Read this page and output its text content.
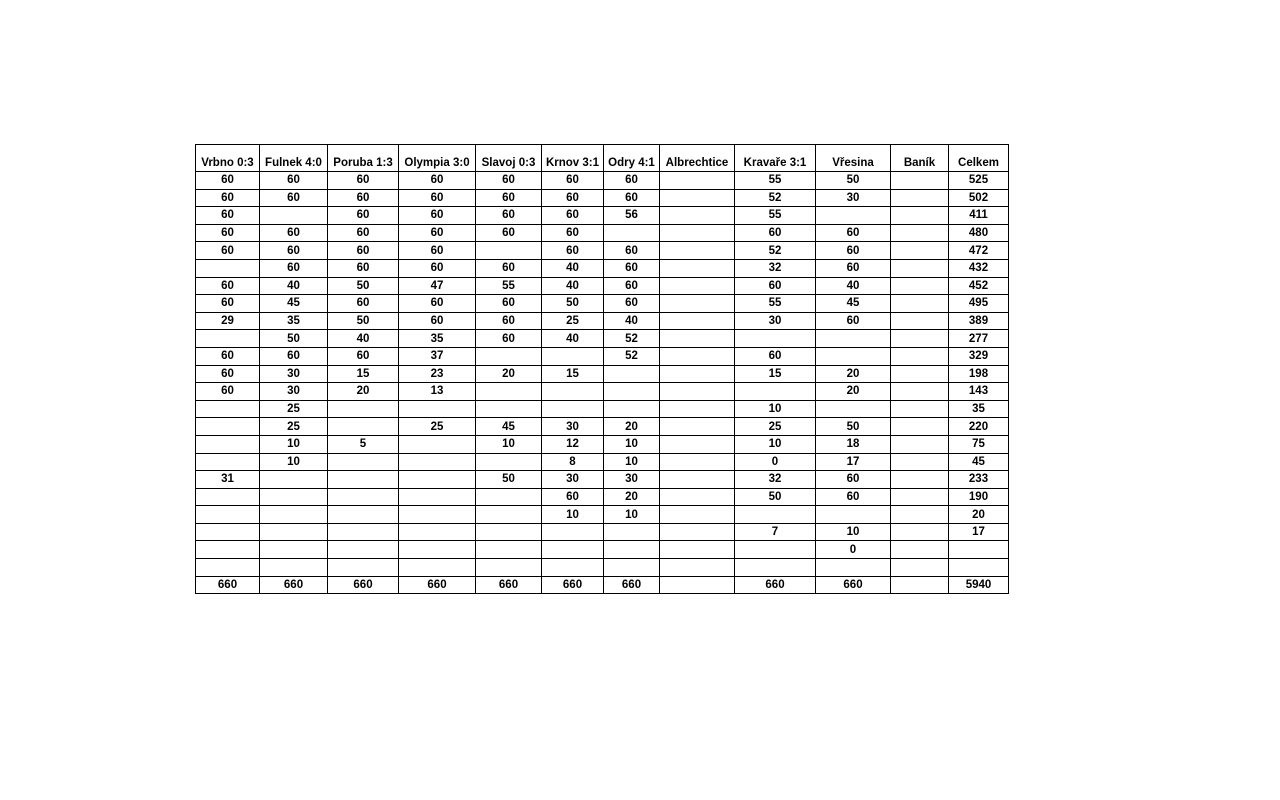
Vrbno 0:3	Fulnek 4:0	Poruba 1:3	Olympia 3:0	Slavoj 0:3	Krnov 3:1	Odry 4:1	Albrechtice	Kravaře 3:1	Vřesina	Baník	Celkem
60	60	60	60	60	60	60		55	50		525
60	60	60	60	60	60	60		52	30		502
60		60	60	60	60	56		55			411
60	60	60	60	60	60			60	60		480
60	60	60	60		60	60		52	60		472
	60	60	60	60	40	60		32	60		432
60	40	50	47	55	40	60		60	40		452
60	45	60	60	60	50	60		55	45		495
29	35	50	60	60	25	40		30	60		389
	50	40	35	60	40	52					277
60	60	60	37			52		60			329
60	30	15	23	20	15			15	20		198
60	30	20	13						20		143
	25							10			35
	25		25	45	30	20		25	50		220
	10	5		10	12	10		10	18		75
	10				8	10		0	17		45
31				50	30	30		32	60		233
					60	20		50	60		190
					10	10					20
								7	10		17
									0		

660	660	660	660	660	660	660		660	660		5940
